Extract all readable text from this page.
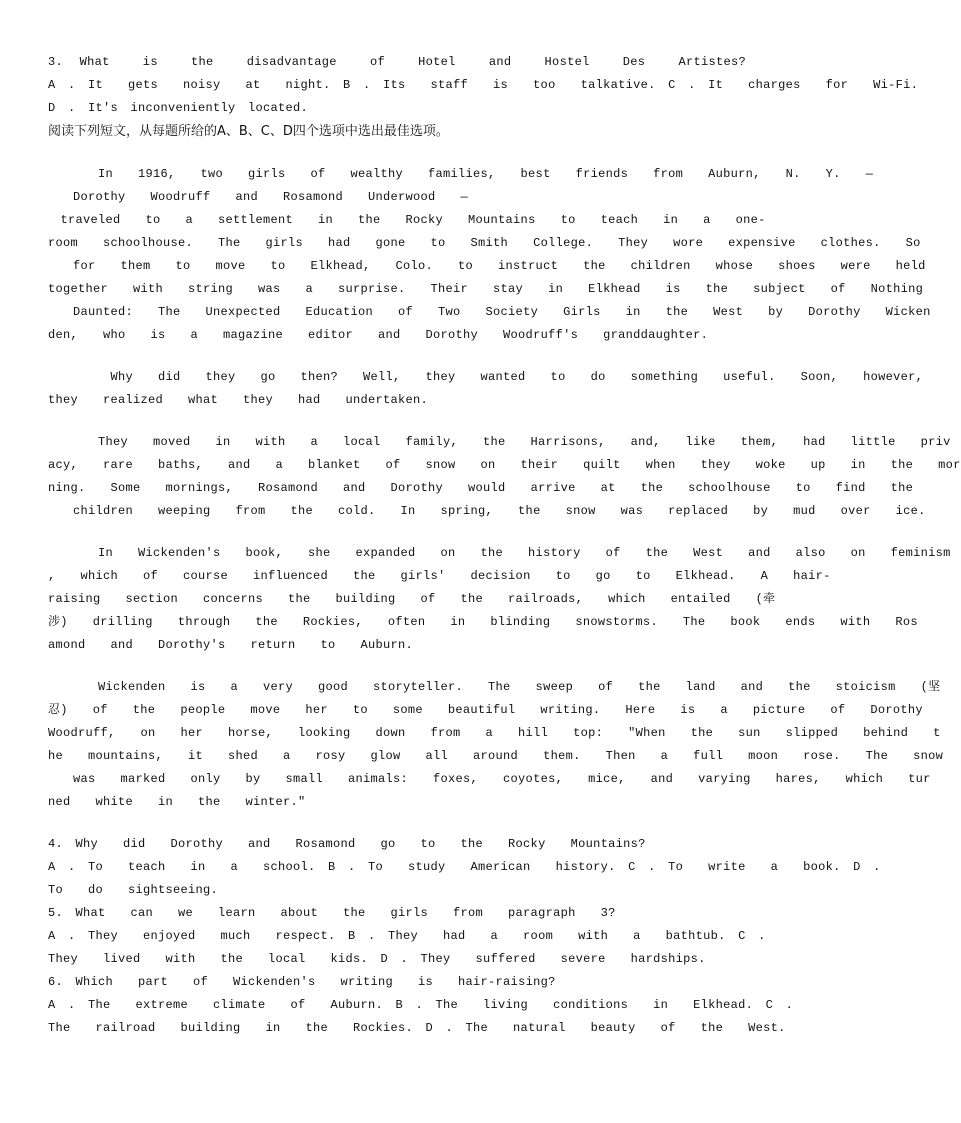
3. What  is  the  disadvantage  of  Hotel  and  Hostel  Des  Artistes?
A . It  gets  noisy  at  night. B . Its  staff  is  too  talkative. C . It  charges  for  Wi-Fi.
D . It's inconveniently located.
阅读下列短文，从每题所给的A、B、C、D四个选项中选出最佳选项。
In  1916,  two  girls  of  wealthy  families,  best  friends  from  Auburn,  N.  Y.  —
Dorothy  Woodruff  and  Rosamond  Underwood  —
traveled  to  a  settlement  in  the  Rocky  Mountains  to  teach  in  a  one-
room  schoolhouse.  The  girls  had  gone  to  Smith  College.  They  wore  expensive  clothes.  So
for  them  to  move  to  Elkhead,  Colo.  to  instruct  the  children  whose  shoes  were  held
together  with  string  was  a  surprise.  Their  stay  in  Elkhead  is  the  subject  of  Nothing
Daunted:  The  Unexpected  Education  of  Two  Society  Girls  in  the  West  by  Dorothy  Wicken
den,  who  is  a  magazine  editor  and  Dorothy  Woodruff's  granddaughter.
Why  did  they  go  then?  Well,  they  wanted  to  do  something  useful.  Soon,  however,
they  realized  what  they  had  undertaken.
They  moved  in  with  a  local  family,  the  Harrisons,  and,  like  them,  had  little  priv
acy,  rare  baths,  and  a  blanket  of  snow  on  their  quilt  when  they  woke  up  in  the  mor
ning.  Some  mornings,  Rosamond  and  Dorothy  would  arrive  at  the  schoolhouse  to  find  the
children  weeping  from  the  cold.  In  spring,  the  snow  was  replaced  by  mud  over  ice.
In  Wickenden's  book,  she  expanded  on  the  history  of  the  West  and  also  on  feminism
,  which  of  course  influenced  the  girls'  decision  to  go  to  Elkhead.  A  hair-
raising  section  concerns  the  building  of  the  railroads,  which  entailed  (牵
涉)  drilling  through  the  Rockies,  often  in  blinding  snowstorms.  The  book  ends  with  Ros
amond  and  Dorothy's  return  to  Auburn.
Wickenden  is  a  very  good  storyteller.  The  sweep  of  the  land  and  the  stoicism  (坚
忍)  of  the  people  move  her  to  some  beautiful  writing.  Here  is  a  picture  of  Dorothy
Woodruff,  on  her  horse,  looking  down  from  a  hill  top:  "When  the  sun  slipped  behind  t
he  mountains,  it  shed  a  rosy  glow  all  around  them.  Then  a  full  moon  rose.  The  snow
was  marked  only  by  small  animals:  foxes,  coyotes,  mice,  and  varying  hares,  which  tur
ned  white  in  the  winter."
4. Why  did  Dorothy  and  Rosamond  go  to  the  Rocky  Mountains?
A . To  teach  in  a  school. B . To  study  American  history. C . To  write  a  book. D .
To  do  sightseeing.
5. What  can  we  learn  about  the  girls  from  paragraph  3?
A . They  enjoyed  much  respect. B . They  had  a  room  with  a  bathtub. C .
They  lived  with  the  local  kids. D . They  suffered  severe  hardships.
6. Which  part  of  Wickenden's  writing  is  hair-raising?
A . The  extreme  climate  of  Auburn. B . The  living  conditions  in  Elkhead. C .
The  railroad  building  in  the  Rockies. D . The  natural  beauty  of  the  West.
